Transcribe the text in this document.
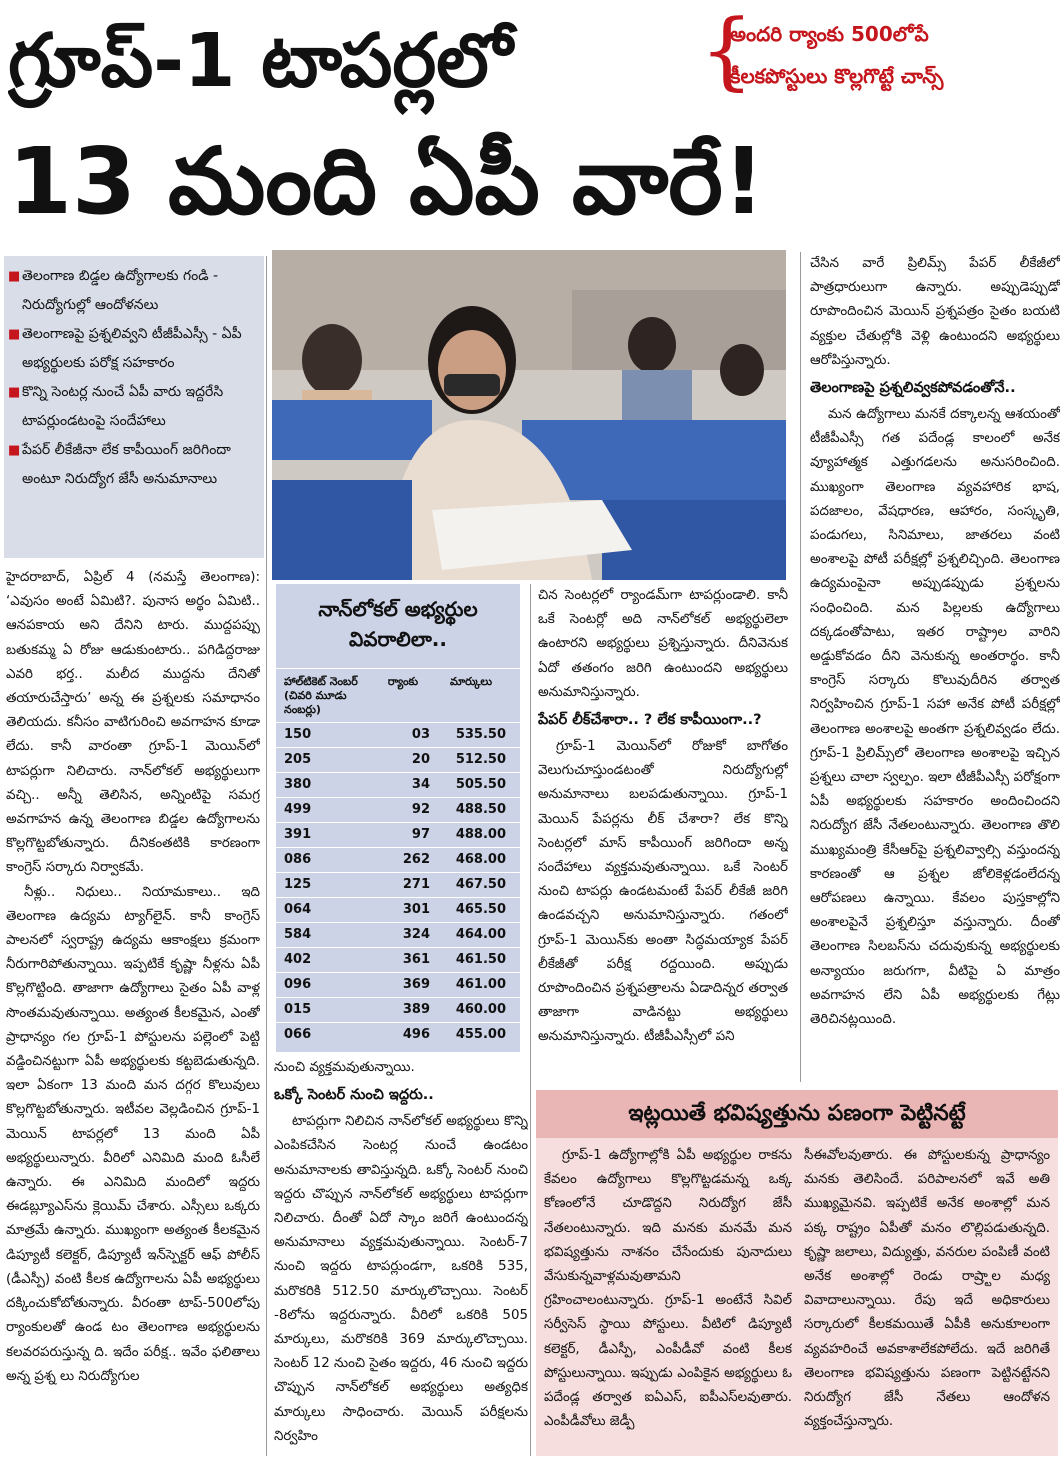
గ్రూప్‌-1 టాపర్లలో
13 మంది ఏపీ వారే!
{
అందరి ర్యాంకు 500లోపే
కీలకపోస్టులు కొల్లగొట్టే చాన్స్‌
■ తెలంగాణ బిడ్డల ఉద్యోగాలకు గండి - నిరుద్యోగుల్లో ఆందోళనలు
■ తెలంగాణపై ప్రశ్నలివ్వని టీజీపీఎస్సీ - ఏపీ అభ్యర్థులకు పరోక్ష సహకారం
■ కొన్ని సెంటర్ల నుంచే ఏపీ వారు ఇద్దరేసి టాపర్లుండటంపై సందేహాలు
■ పేపర్‌ లీకేజీనా లేక కాపీయింగ్‌ జరిగిందా అంటూ నిరుద్యోగ జేసీ అనుమానాలు

హైదరాబాద్‌, ఏప్రిల్‌ 4 (నమస్తే తెలంగాణ): ‘ఎవుసం అంటే ఏమిటి?. పునాస అర్థం ఏమిటి.. ఆనపకాయ అని దేనిని టారు. ముద్దపప్పు బతుకమ్మ ఏ రోజు ఆడుకుంటారు.. పగిడిద్దరాజు ఎవరి భర్త.. మలీద ముద్దను దేనితో తయారుచేస్తారు’ అన్న ఈ ప్రశ్నలకు సమాధానం తెలియదు. కనీసం వాటిగురించి అవగాహన కూడా లేదు. కానీ వారంతా గ్రూప్‌-1 మెయిన్‌లో టాపర్లుగా నిలిచారు. నాన్‌లోకల్‌ అభ్యర్థులుగా వచ్చి.. అన్నీ తెలిసిన, అన్నింటిపై సమగ్ర అవగాహన ఉన్న తెలంగాణ బిడ్డల ఉద్యోగాలను కొల్లగొట్టబోతున్నారు. దీనికంతటికి కారణంగా కాంగ్రెస్‌ సర్కారు నిర్వాకమే.

నీళ్లు.. నిధులు.. నియామకాలు.. ఇది తెలంగాణ ఉద్యమ ట్యాగ్‌లైన్‌. కానీ కాంగ్రెస్‌ పాలనలో స్వరాష్ట్ర ఉద్యమ ఆకాంక్షలు క్రమంగా నీరుగారిపోతున్నాయి. ఇప్పటికే కృష్ణా నీళ్లను ఏపీ కొల్లగొట్టింది. తాజాగా ఉద్యోగాలు సైతం ఏపీ వాళ్ల సొంతమవుతున్నాయి. అత్యంత కీలకమైన, ఎంతో ప్రాధాన్యం గల గ్రూప్‌-1 పోస్టులను పల్లెంలో పెట్టి వడ్డించినట్టుగా ఏపీ అభ్యర్థులకు కట్టబెడుతున్నది. ఇలా ఏకంగా 13 మంది మన దగ్గర కొలువులు కొల్లగొట్టబోతున్నారు. ఇటీవల వెల్లడించిన గ్రూప్‌-1 మెయిన్‌ టాపర్లలో 13 మంది ఏపీ అభ్యర్థులున్నారు. వీరిలో ఎనిమిది మంది ఓసీలే ఉన్నారు. ఈ ఎనిమిది మందిలో ఇద్దరు ఈడబ్ల్యూఎస్‌ను క్లెయిమ్‌ చేశారు. ఎస్సీలు ఒక్కరు మాత్రమే ఉన్నారు. ముఖ్యంగా అత్యంత కీలకమైన డిప్యూటీ కలెక్టర్‌, డిప్యూటీ ఇన్‌స్పెక్టర్‌ ఆఫ్‌ పోలీస్‌ (డీఎస్పీ) వంటి కీలక ఉద్యోగాలను ఏపీ అభ్యర్థులు దక్కించుకోబోతున్నారు. వీరంతా టాప్‌-500లోపు ర్యాంకులతో ఉండ టం తెలంగాణ అభ్యర్థులను కలవరపరుస్తున్న ది. ఇదేం పరీక్ష.. ఇవేం ఫలితాలు అన్న ప్రశ్న లు నిరుద్యోగుల

నాన్‌లోకల్‌ అభ్యర్థుల వివరాలిలా..
హాల్‌టికెట్‌ నెంబర్‌ (చివరి మూడు నంబర్లు)
ర్యాంకు	మార్కులు
150	03	535.50
205	20	512.50
380	34	505.50
499	92	488.50
391	97	488.00
086	262	468.00
125	271	467.50
064	301	465.50
584	324	464.00
402	361	461.50
096	369	461.00
015	389	460.00
066	496	455.00

నుంచి వ్యక్తమవుతున్నాయి.

ఒక్కో సెంటర్‌ నుంచి ఇద్దరు..

టాపర్లుగా నిలిచిన నాన్‌లోకల్‌ అభ్యర్థులు కొన్ని ఎంపికచేసిన సెంటర్ల నుంచే ఉండటం అనుమానాలకు తావిస్తున్నది. ఒక్కో సెంటర్‌ నుంచి ఇద్దరు చొప్పున నాన్‌లోకల్‌ అభ్యర్థులు టాపర్లుగా నిలిచారు. దీంతో ఏదో స్కాం జరిగే ఉంటుందన్న అనుమానాలు వ్యక్తమవుతున్నాయి. సెంటర్‌-7 నుంచి ఇద్దరు టాపర్లుండగా, ఒకరికి 535, మరొకరికి 512.50 మార్కులొచ్చాయి. సెంటర్‌ -8లోను ఇద్దరున్నారు. వీరిలో ఒకరికి 505 మార్కులు, మరొకరికి 369 మార్కులొచ్చాయి. సెంటర్‌ 12 నుంచి సైతం ఇద్దరు, 46 నుంచి ఇద్దరు చొప్పున నాన్‌లోకల్‌ అభ్యర్థులు అత్యధిక మార్కులు సాధించారు. మెయిన్‌ పరీక్షలను నిర్వహిం

చిన సెంటర్లలో ర్యాండమ్‌గా టాపర్లుండాలి. కానీ ఒకే సెంటర్లో అది నాన్‌లోకల్‌ అభ్యర్థులెలా ఉంటారని అభ్యర్థులు ప్రశ్నిస్తున్నారు. దీనివెనుక ఏదో తతంగం జరిగి ఉంటుందని అభ్యర్థులు అనుమానిస్తున్నారు.

పేపర్‌ లీక్‌చేశారా.. ? లేక కాపీయింగా..?

గ్రూప్‌-1 మెయిన్‌లో రోజుకో బాగోతం వెలుగుచూస్తుండటంతో నిరుద్యోగుల్లో అనుమానాలు బలపడుతున్నాయి. గ్రూప్‌-1 మెయిన్‌ పేపర్లను లీక్‌ చేశారా? లేక కొన్ని సెంటర్లలో మాస్‌ కాపీయింగ్‌ జరిగిందా అన్న సందేహాలు వ్యక్తమవుతున్నాయి. ఒకే సెంటర్‌ నుంచి టాపర్లు ఉండటమంటే పేపర్‌ లీకేజీ జరిగి ఉండవచ్చని అనుమానిస్తున్నారు. గతంలో గ్రూప్‌-1 మెయిన్‌కు అంతా సిద్ధమయ్యాక పేపర్‌ లీకేజీతో పరీక్ష రద్దయింది. అప్పుడు రూపొందించిన ప్రశ్నపత్రాలను ఏడాదిన్నర తర్వాత తాజాగా వాడినట్టు అభ్యర్థులు అనుమానిస్తున్నారు. టీజీపీఎస్సీలో పని

చేసిన వారే ప్రిలిమ్స్‌ పేపర్‌ లీకేజీలో పాత్రధారులుగా ఉన్నారు. అప్పుడెప్పుడో రూపొందించిన మెయిన్‌ ప్రశ్నపత్రం సైతం బయటి వ్యక్తుల చేతుల్లోకి వెళ్లి ఉంటుందని అభ్యర్థులు ఆరోపిస్తున్నారు.

తెలంగాణపై ప్రశ్నలివ్వకపోవడంతోనే..

మన ఉద్యోగాలు మనకే దక్కాలన్న ఆశయంతో టీజీపీఎస్సీ గత పదేండ్ల కాలంలో అనేక వ్యూహాత్మక ఎత్తుగడలను అనుసరించింది. ముఖ్యంగా తెలంగాణ వ్యవహారిక భాష, పదజాలం, వేషధారణ, ఆహారం, సంస్కృతి, పండుగలు, సినిమాలు, జాతరలు వంటి అంశాలపై పోటీ పరీక్షల్లో ప్రశ్నలిచ్చింది. తెలంగాణ ఉద్యమంపైనా అప్పుడప్పుడు ప్రశ్నలను సంధించింది. మన పిల్లలకు ఉద్యోగాలు దక్కడంతోపాటు, ఇతర రాష్ట్రాల వారిని అడ్డుకోవడం దీని వెనుకున్న అంతరార్థం. కానీ కాంగ్రెస్‌ సర్కారు కొలువుదీరిన తర్వాత నిర్వహించిన గ్రూప్‌-1 సహా అనేక పోటీ పరీక్షల్లో తెలంగాణ అంశాలపై అంతగా ప్రశ్నలివ్వడం లేదు. గ్రూప్‌-1 ప్రిలిమ్స్‌లో తెలంగాణ అంశాలపై ఇచ్చిన ప్రశ్నలు చాలా స్వల్పం. ఇలా టీజీపీఎస్సీ పరోక్షంగా ఏపీ అభ్యర్థులకు సహకారం అందించిందని నిరుద్యోగ జేసీ నేతలంటున్నారు. తెలంగాణ తొలి ముఖ్యమంత్రి కేసీఆర్‌పై ప్రశ్నలివ్వాల్సి వస్తుందన్న కారణంతో ఆ ప్రశ్నల జోలికెళ్లడంలేదన్న ఆరోపణలు ఉన్నాయి. కేవలం పుస్తకాల్లోని అంశాలపైనే ప్రశ్నలిస్తూ వస్తున్నారు. దీంతో తెలంగాణ సిలబస్‌ను చదువుకున్న అభ్యర్థులకు అన్యాయం జరుగగా, వీటిపై ఏ మాత్రం అవగాహన లేని ఏపీ అభ్యర్థులకు గేట్లు తెరిచినట్లయింది.

ఇట్లయితే భవిష్యత్తును పణంగా పెట్టినట్టే

గ్రూప్‌-1 ఉద్యోగాల్లోకి ఏపీ అభ్యర్థుల రాకను కేవలం ఉద్యోగాలు కొల్లగొట్టడమన్న ఒక్క కోణంలోనే చూడొద్దని నిరుద్యోగ జేసీ నేతలంటున్నారు. ఇది మనకు మనమే మన భవిష్యత్తును నాశనం చేసేందుకు పునాదులు వేసుకున్నవాళ్లమవుతామని గ్రహించాలంటున్నారు. గ్రూప్‌-1 అంటేనే సివిల్‌ సర్వీసెస్‌ స్థాయి పోస్టులు. వీటిలో డిప్యూటీ కలెక్టర్‌, డీఎస్పీ, ఎంపీడీవో వంటి కీలక పోస్టులున్నాయి. ఇప్పుడు ఎంపికైన అభ్యర్థులు ఓ పదేండ్ల తర్వాత ఐఏఎస్‌, ఐపీఎస్‌లవుతారు. ఎంపీడీవోలు జెడ్పీ

సీఈవోలవుతారు. ఈ పోస్టులకున్న ప్రాధాన్యం మనకు తెలిసిందే. పరిపాలనలో ఇవే అతి ముఖ్యమైనవి. ఇప్పటికే అనేక అంశాల్లో మన పక్క రాష్ట్రం ఏపీతో మనం లొల్లిపడుతున్నది. కృష్ణా జలాలు, విద్యుత్తు, వనరుల పంపిణీ వంటి అనేక అంశాల్లో రెండు రాష్ర్టాల మధ్య వివాదాలున్నాయి. రేపు ఇదే అధికారులు సర్కారులో కీలకమయితే ఏపీకి అనుకూలంగా వ్యవహరించే అవకాశాలేకపోలేదు. ఇదే జరిగితే తెలంగాణ భవిష్యత్తును పణంగా పెట్టినట్టేనని నిరుద్యోగ జేసీ నేతలు ఆందోళన వ్యక్తంచేస్తున్నారు.
